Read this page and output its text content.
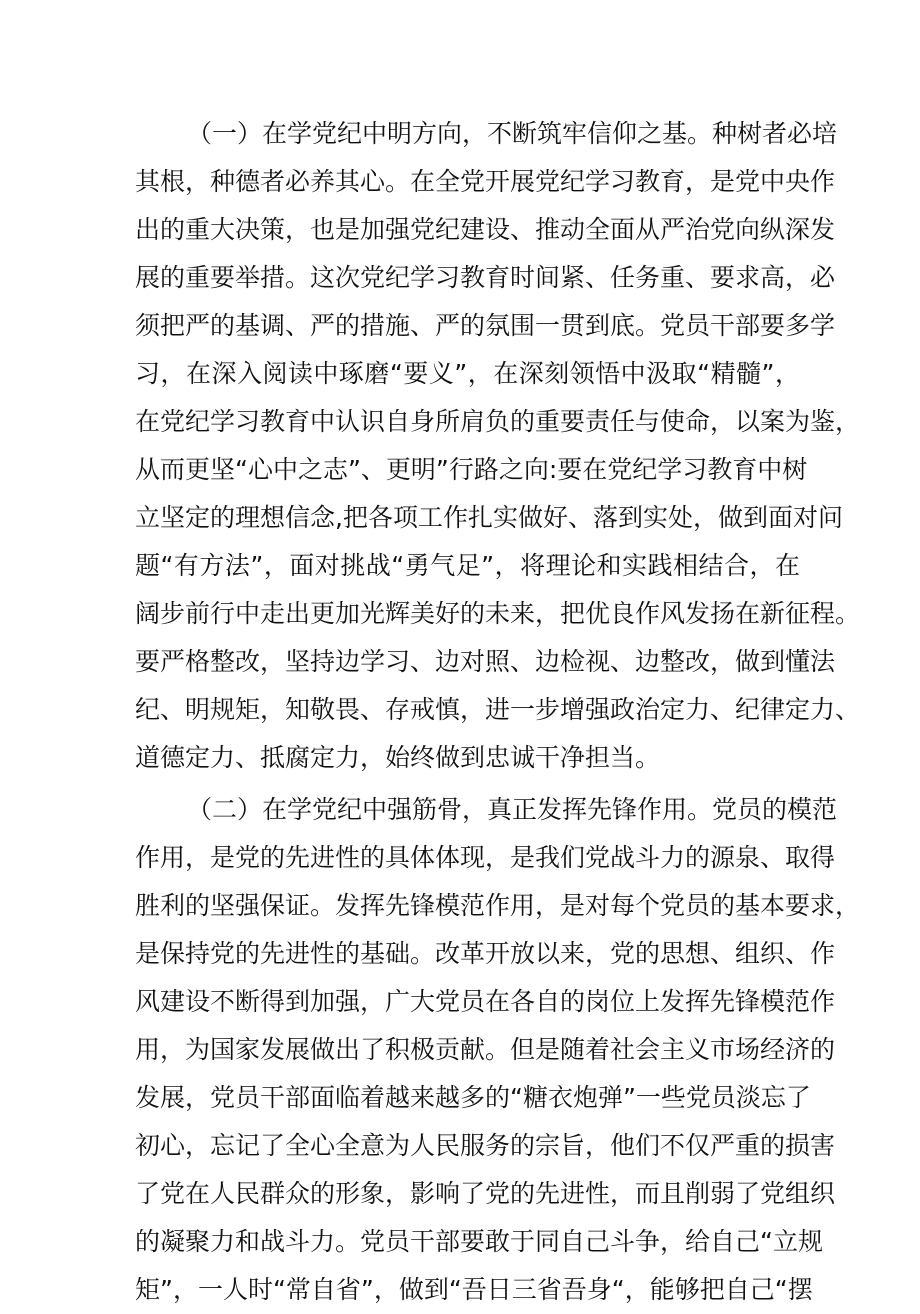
（一）在学党纪中明方向，不断筑牢信仰之基。种树者必培
其根，种德者必养其心。在全党开展党纪学习教育，是党中央作
出的重大决策，也是加强党纪建设、推动全面从严治党向纵深发
展的重要举措。这次党纪学习教育时间紧、任务重、要求高，必
须把严的基调、严的措施、严的氛围一贯到底。党员干部要多学
习，在深入阅读中琢磨“要义”，在深刻领悟中汲取“精髓”，
在党纪学习教育中认识自身所肩负的重要责任与使命，以案为鉴，
从而更坚“心中之志”、更明”行路之向:要在党纪学习教育中树
立坚定的理想信念,把各项工作扎实做好、落到实处，做到面对问
题“有方法”，面对挑战“勇气足”，将理论和实践相结合，在
阔步前行中走出更加光辉美好的未来，把优良作风发扬在新征程。
要严格整改，坚持边学习、边对照、边检视、边整改，做到懂法
纪、明规矩，知敬畏、存戒慎，进一步增强政治定力、纪律定力、
道德定力、抵腐定力，始终做到忠诚干净担当。
（二）在学党纪中强筋骨，真正发挥先锋作用。党员的模范
作用，是党的先进性的具体体现，是我们党战斗力的源泉、取得
胜利的坚强保证。发挥先锋模范作用，是对每个党员的基本要求，
是保持党的先进性的基础。改革开放以来，党的思想、组织、作
风建设不断得到加强，广大党员在各自的岗位上发挥先锋模范作
用，为国家发展做出了积极贡献。但是随着社会主义市场经济的
发展，党员干部面临着越来越多的“糖衣炮弹”一些党员淡忘了
初心，忘记了全心全意为人民服务的宗旨，他们不仅严重的损害
了党在人民群众的形象，影响了党的先进性，而且削弱了党组织
的凝聚力和战斗力。党员干部要敢于同自己斗争，给自己“立规
矩”，一人时“常自省”，做到“吾日三省吾身“，能够把自己“摆
